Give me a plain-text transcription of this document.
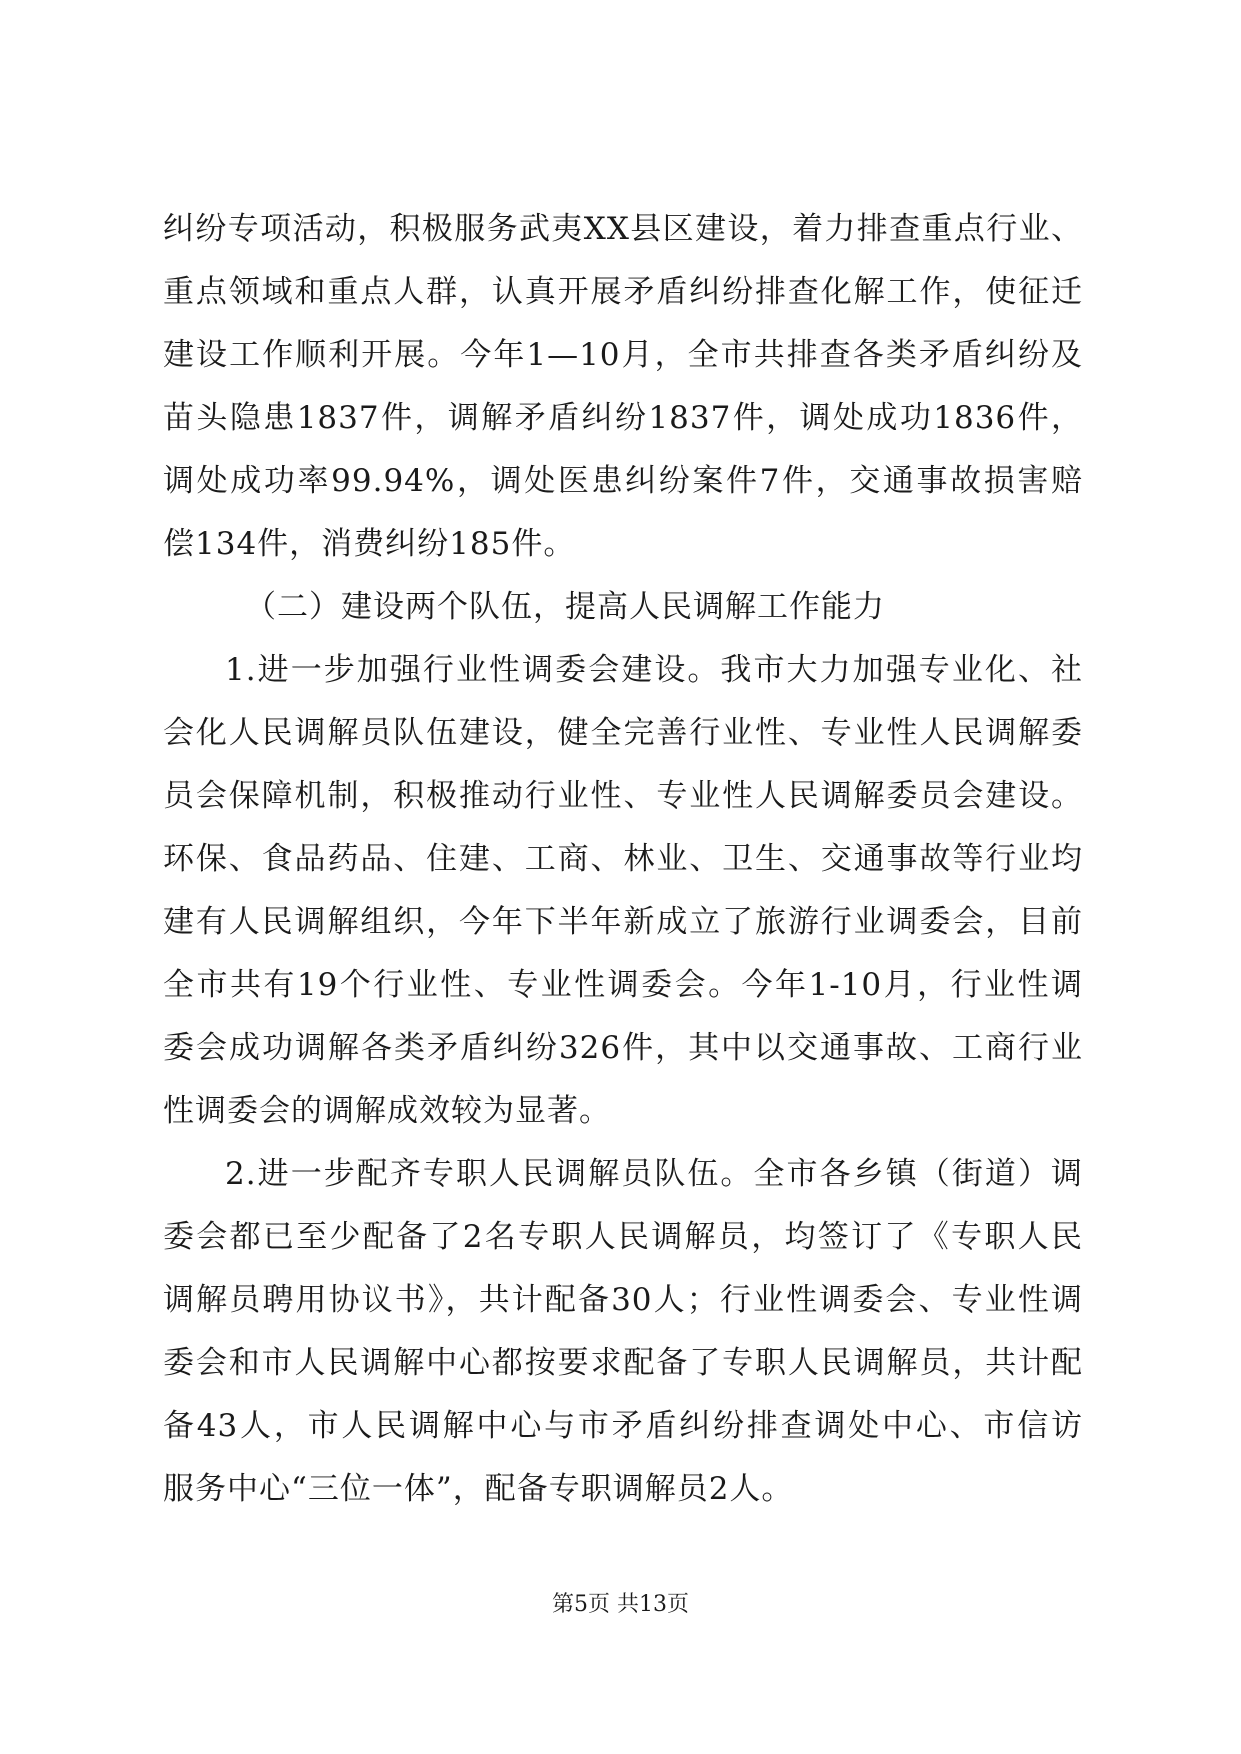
纠纷专项活动，积极服务武夷XX县区建设，着力排查重点行业、
重点领域和重点人群，认真开展矛盾纠纷排查化解工作，使征迁
建设工作顺利开展。今年1—10月，全市共排查各类矛盾纠纷及
苗头隐患1837件，调解矛盾纠纷1837件，调处成功1836件，
调处成功率99.94%，调处医患纠纷案件7件，交通事故损害赔
偿134件，消费纠纷185件。
（二）建设两个队伍，提高人民调解工作能力
1.进一步加强行业性调委会建设。我市大力加强专业化、社
会化人民调解员队伍建设，健全完善行业性、专业性人民调解委
员会保障机制，积极推动行业性、专业性人民调解委员会建设。
环保、食品药品、住建、工商、林业、卫生、交通事故等行业均
建有人民调解组织，今年下半年新成立了旅游行业调委会，目前
全市共有19个行业性、专业性调委会。今年1-10月，行业性调
委会成功调解各类矛盾纠纷326件，其中以交通事故、工商行业
性调委会的调解成效较为显著。
2.进一步配齐专职人民调解员队伍。全市各乡镇（街道）调
委会都已至少配备了2名专职人民调解员，均签订了《专职人民
调解员聘用协议书》，共计配备30人；行业性调委会、专业性调
委会和市人民调解中心都按要求配备了专职人民调解员，共计配
备43人，市人民调解中心与市矛盾纠纷排查调处中心、市信访
服务中心“三位一体”，配备专职调解员2人。
第5页 共13页
